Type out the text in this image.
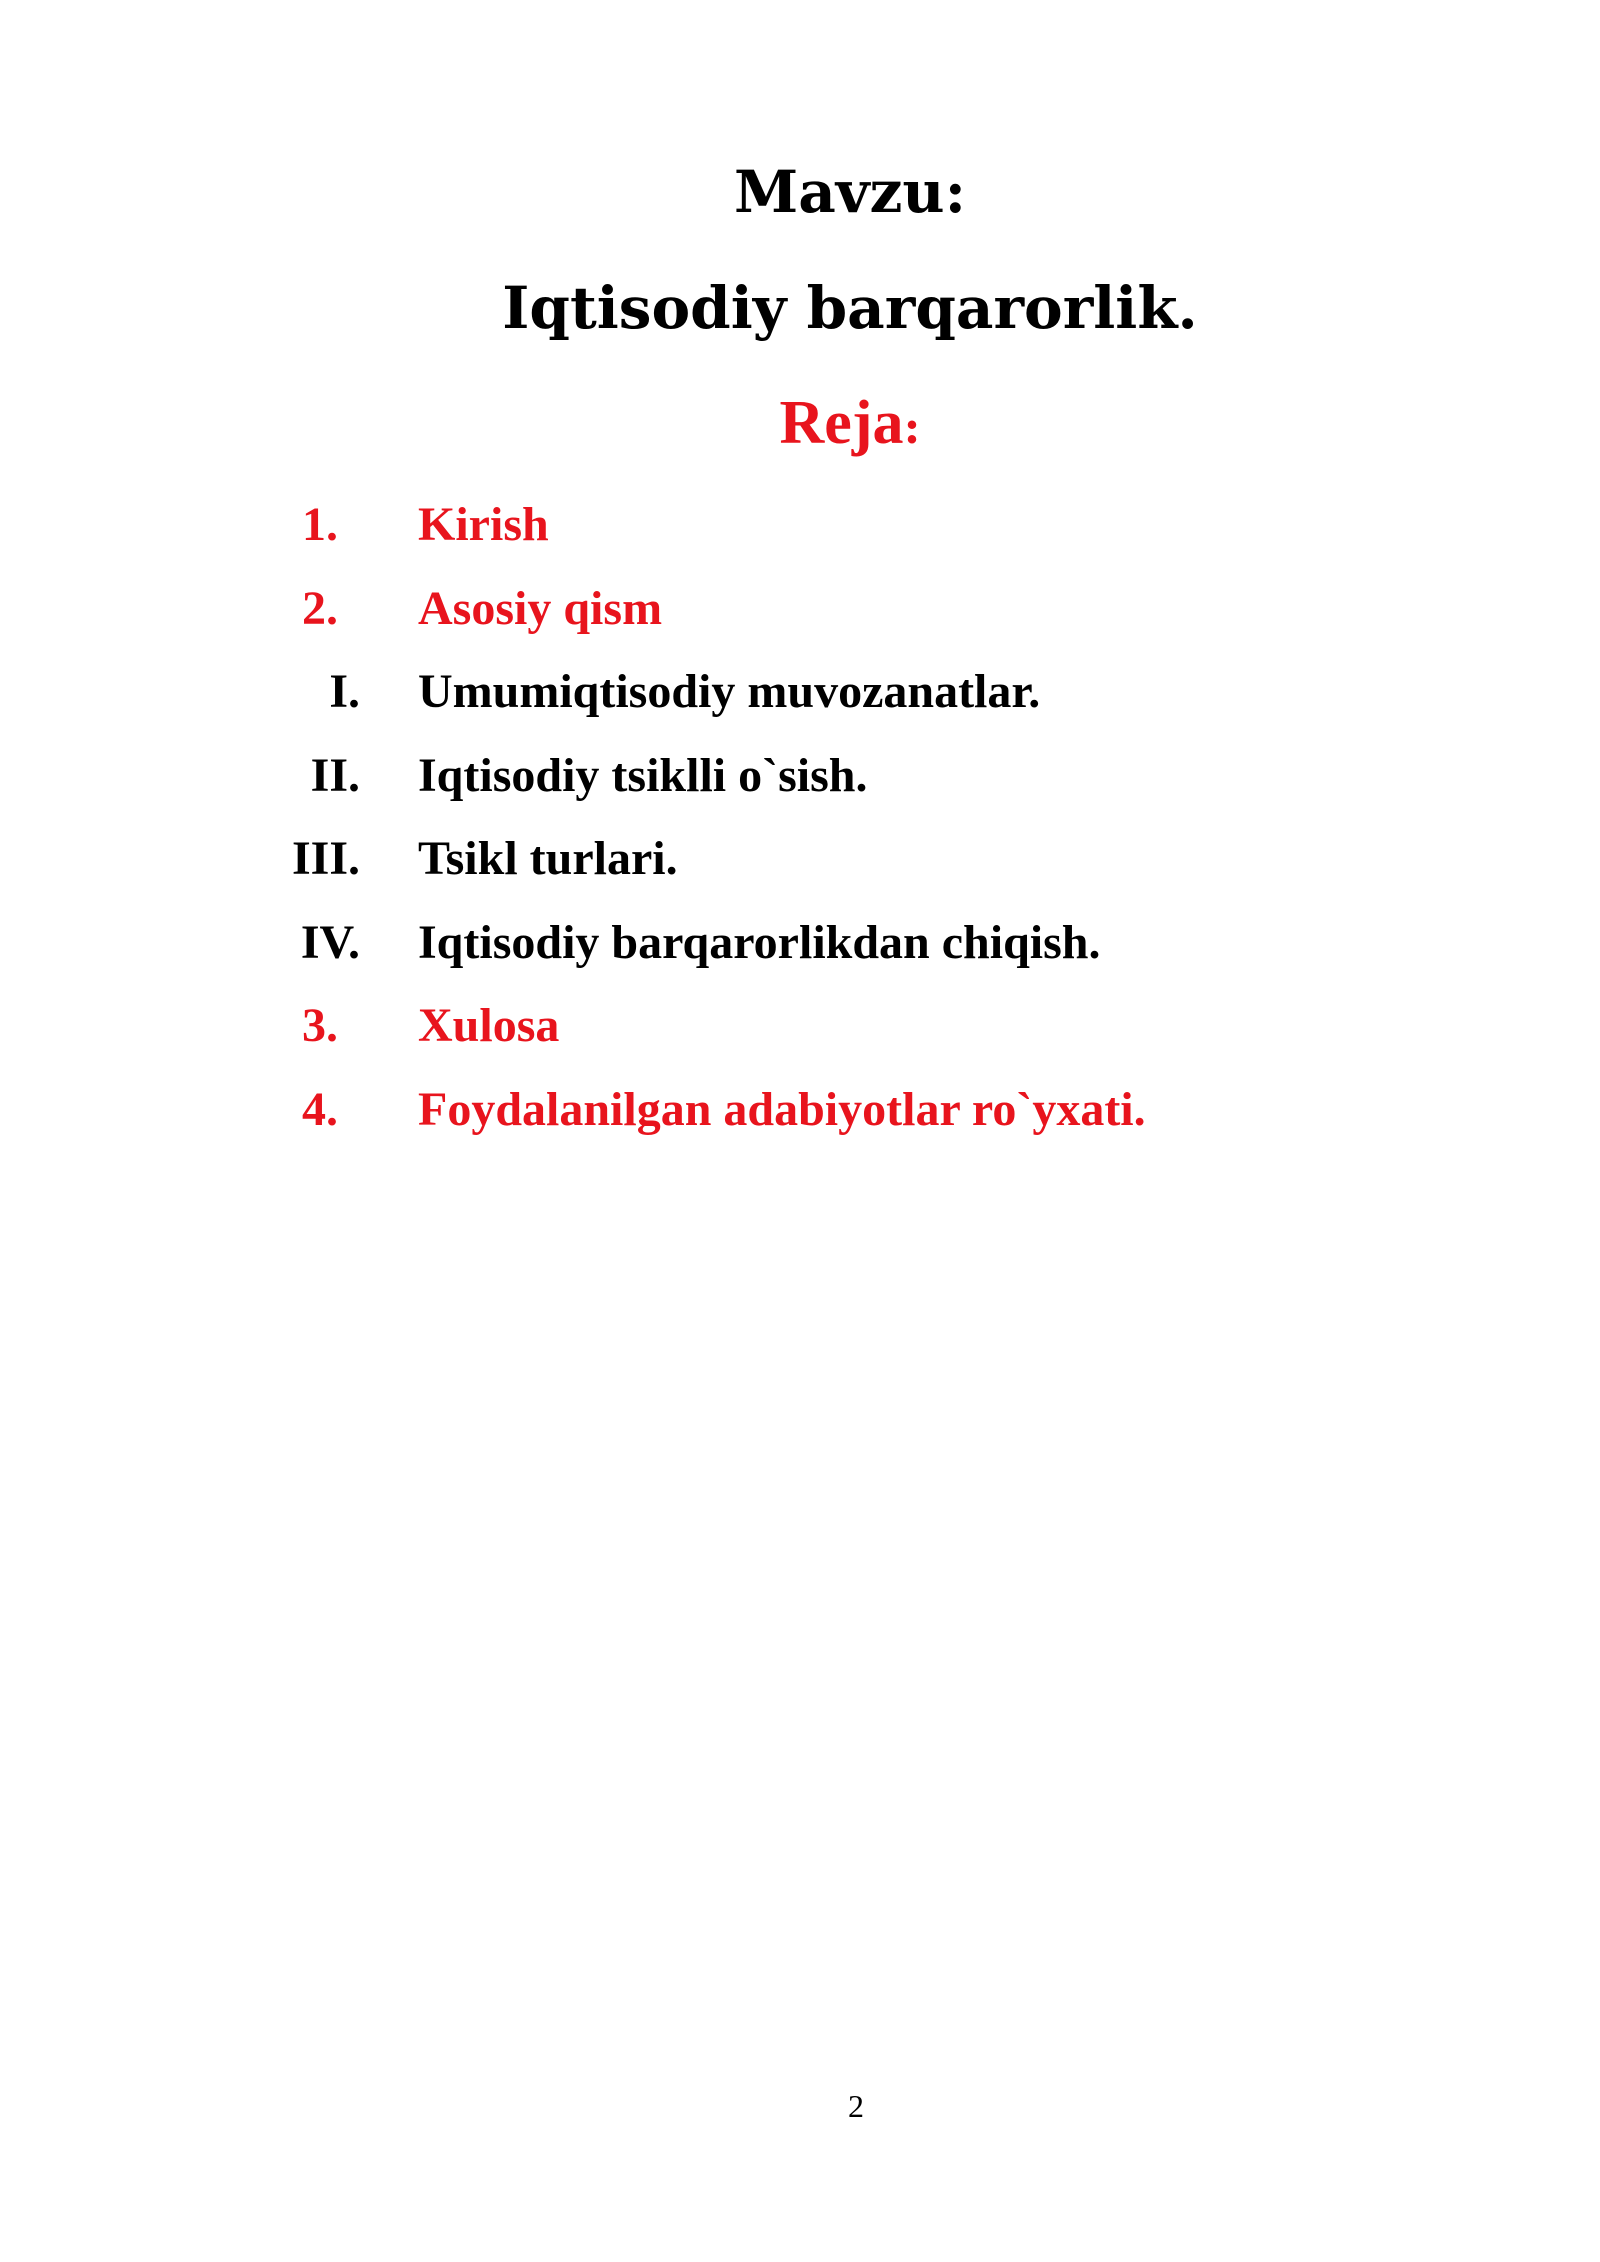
Mavzu:
Iqtisodiy barqarorlik.
Reja:
1. Kirish
2. Asosiy qism
I. Umumiqtisodiy muvozanatlar.
II. Iqtisodiy tsiklli o`sish.
III. Tsikl turlari.
IV. Iqtisodiy barqarorlikdan chiqish.
3. Xulosa
4. Foydalanilgan adabiyotlar ro`yxati.
2
